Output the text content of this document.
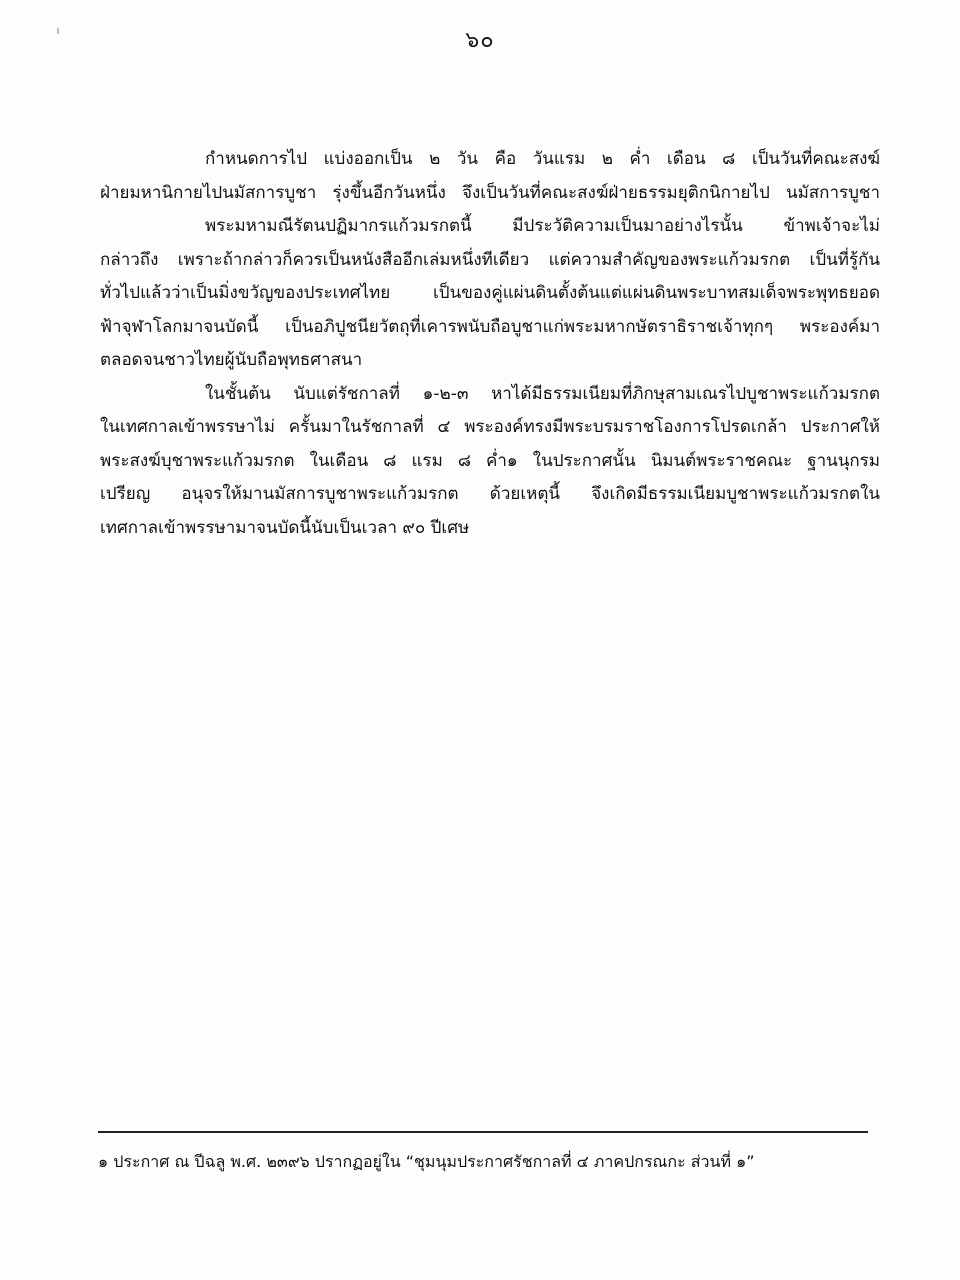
๖๐
กำหนดการไป แบ่งออกเป็น ๒ วัน คือ วันแรม ๒ ค่ำ เดือน ๘ เป็นวันที่คณะสงฆ์
ฝ่ายมหานิกายไปนมัสการบูชา รุ่งขึ้นอีกวันหนึ่ง จึงเป็นวันที่คณะสงฆ์ฝ่ายธรรมยุติกนิกายไป นมัสการบูชา
พระมหามณีรัตนปฏิมากรแก้วมรกตนี้ มีประวัติความเป็นมาอย่างไรนั้น ข้าพเจ้าจะไม่
กล่าวถึง เพราะถ้ากล่าวก็ควรเป็นหนังสืออีกเล่มหนึ่งทีเดียว แต่ความสำคัญของพระแก้วมรกต เป็นที่รู้กัน
ทั่วไปแล้วว่าเป็นมิ่งขวัญของประเทศไทย เป็นของคู่แผ่นดินตั้งต้นแต่แผ่นดินพระบาทสมเด็จพระพุทธยอด
ฟ้าจุฬาโลกมาจนบัดนี้ เป็นอภิปูชนียวัตถุที่เคารพนับถือบูชาแก่พระมหากษัตราธิราชเจ้าทุกๆ พระองค์มา
ตลอดจนชาวไทยผู้นับถือพุทธศาสนา
ในชั้นต้น นับแต่รัชกาลที่ ๑-๒-๓ หาได้มีธรรมเนียมที่ภิกษุสามเณรไปบูชาพระแก้วมรกต
ในเทศกาลเข้าพรรษาไม่ ครั้นมาในรัชกาลที่ ๔ พระองค์ทรงมีพระบรมราชโองการโปรดเกล้า ประกาศให้
พระสงฆ์บุชาพระแก้วมรกต ในเดือน ๘ แรม ๘ ค่ำ๑ ในประกาศนั้น นิมนต์พระราชคณะ ฐานนุกรม
เปรียญ อนุจรให้มานมัสการบูชาพระแก้วมรกต ด้วยเหตุนี้ จึงเกิดมีธรรมเนียมบูชาพระแก้วมรกตใน
เทศกาลเข้าพรรษามาจนบัดนี้นับเป็นเวลา ๙๐ ปีเศษ
๑ ประกาศ ณ ปีฉลู พ.ศ. ๒๓๙๖ ปรากฏอยู่ใน “ชุมนุมประกาศรัชกาลที่ ๔ ภาคปกรณกะ ส่วนที่ ๑”
